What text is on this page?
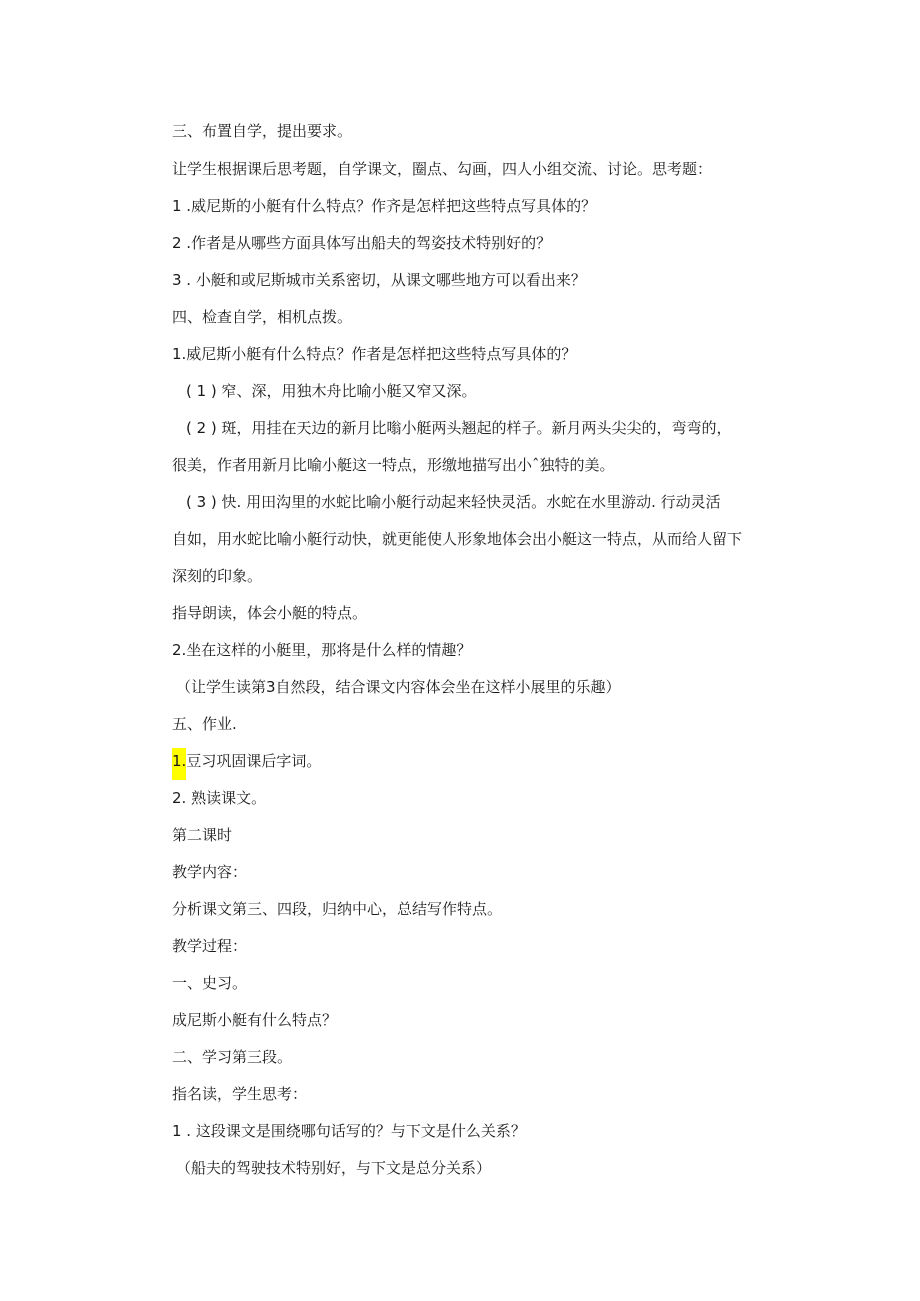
三、布置自学，提出要求。

让学生根据课后思考题，自学课文，圈点、勾画，四人小组交流、讨论。思考题：

1 .威尼斯的小艇有什么特点？作齐是怎样把这些特点写具体的？

2 .作者是从哪些方面具体写出船夫的驾姿技术特别好的？

3 . 小艇和或尼斯城市关系密切，从课文哪些地方可以看出来？

四、检查自学，相机点拨。

1.威尼斯小艇有什么特点？作者是怎样把这些特点写具体的？

( 1 ) 窄、深，用独木舟比喻小艇又窄又深。

( 2 ) 斑，用挂在天边的新月比嗡小艇两头翘起的样子。新月两头尖尖的，弯弯的，

很美，作者用新月比喻小艇这一特点，形缴地描写出小ˆ独特的美。

( 3 ) 快. 用田沟里的水蛇比喻小艇行动起来轻快灵活。水蛇在水里游动. 行动灵活

自如，用水蛇比喻小艇行动快，就更能使人形象地体会出小艇这一特点，从而给人留下

深刻的印象。

指导朗读，体会小艇的特点。

2.坐在这样的小艇里，那将是什么样的情趣？

（让学生读第3自然段，结合课文内容体会坐在这样小展里的乐趣）

五、作业.

1.豆习巩固课后字词。

2. 熟读课文。

第二课时

教学内容：

分析课文第三、四段，归纳中心，总结写作特点。

教学过程：

一、史习。

成尼斯小艇有什么特点？

二、学习第三段。

指名读，学生思考：

1 . 这段课文是围绕哪句话写的？与下文是什么关系？

（船夫的驾驶技术特别好，与下文是总分关系）
